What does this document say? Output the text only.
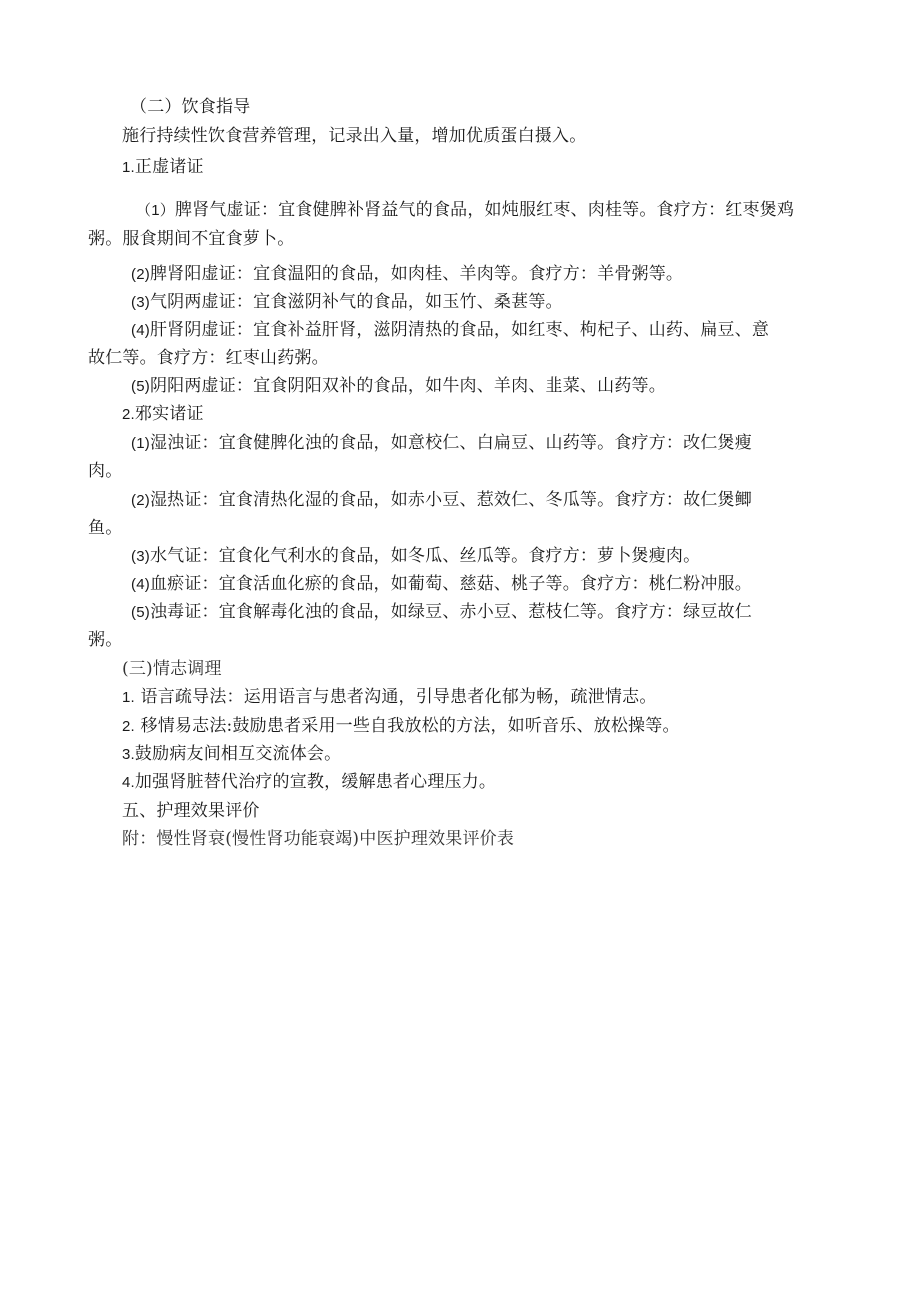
（二）饮食指导
施行持续性饮食营养管理，记录出入量，增加优质蛋白摄入。
1.正虚诸证
（1）脾肾气虚证：宜食健脾补肾益气的食品，如炖服红枣、肉桂等。食疗方：红枣煲鸡
粥。服食期间不宜食萝卜。
(2)脾肾阳虚证：宜食温阳的食品，如肉桂、羊肉等。食疗方：羊骨粥等。
(3)气阴两虚证：宜食滋阴补气的食品，如玉竹、桑葚等。
(4)肝肾阴虚证：宜食补益肝肾，滋阴清热的食品，如红枣、枸杞子、山药、扁豆、意
故仁等。食疗方：红枣山药粥。
(5)阴阳两虚证：宜食阴阳双补的食品，如牛肉、羊肉、韭菜、山药等。
2.邪实诸证
(1)湿浊证：宜食健脾化浊的食品，如意校仁、白扁豆、山药等。食疗方：改仁煲瘦
肉。
(2)湿热证：宜食清热化湿的食品，如赤小豆、惹效仁、冬瓜等。食疗方：故仁煲鲫
鱼。
(3)水气证：宜食化气利水的食品，如冬瓜、丝瓜等。食疗方：萝卜煲瘦肉。
(4)血瘀证：宜食活血化瘀的食品，如葡萄、慈菇、桃子等。食疗方：桃仁粉冲服。
(5)浊毒证：宜食解毒化浊的食品，如绿豆、赤小豆、惹枝仁等。食疗方：绿豆故仁
粥。
(三)情志调理
1. 语言疏导法：运用语言与患者沟通，引导患者化郁为畅，疏泄情志。
2. 移情易志法:鼓励患者采用一些自我放松的方法，如听音乐、放松操等。
3.鼓励病友间相互交流体会。
4.加强肾脏替代治疗的宣教，缓解患者心理压力。
五、护理效果评价
附：慢性肾衰(慢性肾功能衰竭)中医护理效果评价表
